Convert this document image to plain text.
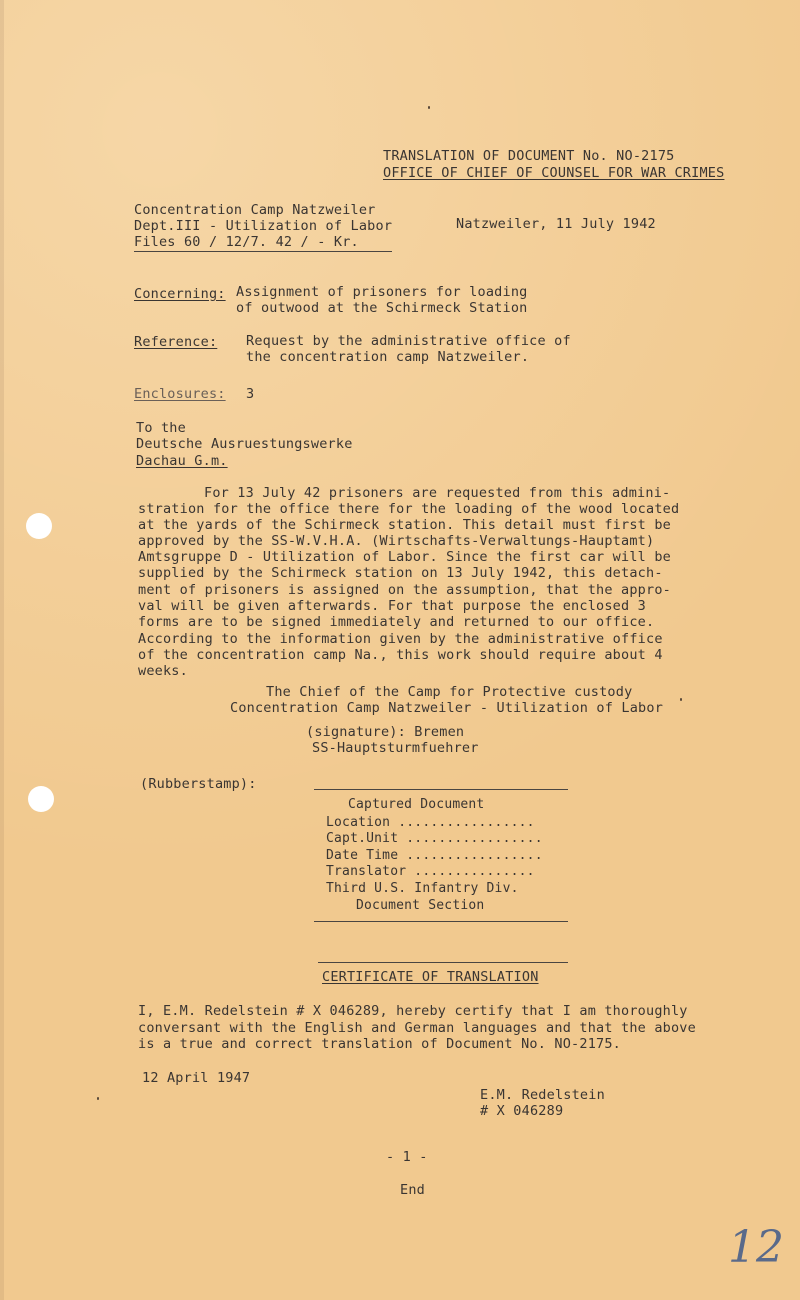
TRANSLATION OF DOCUMENT No. NO-2175
OFFICE OF CHIEF OF COUNSEL FOR WAR CRIMES
Concentration Camp Natzweiler
Dept.III - Utilization of Labor
Files 60 / 12/7. 42 / - Kr.
Natzweiler, 11 July 1942
Concerning: Assignment of prisoners for loading
of outwood at the Schirmeck Station
Reference: Request by the administrative office of
the concentration camp Natzweiler.
Enclosures: 3
To the
Deutsche Ausruestungswerke
Dachau G.m.
For 13 July 42 prisoners are requested from this admini-
stration for the office there for the loading of the wood located
at the yards of the Schirmeck station. This detail must first be
approved by the SS-W.V.H.A. (Wirtschafts-Verwaltungs-Hauptamt)
Amtsgruppe D - Utilization of Labor. Since the first car will be
supplied by the Schirmeck station on 13 July 1942, this detach-
ment of prisoners is assigned on the assumption, that the appro-
val will be given afterwards. For that purpose the enclosed 3
forms are to be signed immediately and returned to our office.
According to the information given by the administrative office
of the concentration camp Na., this work should require about 4
weeks.
The Chief of the Camp for Protective custody
Concentration Camp Natzweiler - Utilization of Labor
(signature): Bremen
SS-Hauptsturmfuehrer
(Rubberstamp):
Captured Document
Location .................
Capt.Unit .................
Date Time .................
Translator ...............
Third U.S. Infantry Div.
Document Section
CERTIFICATE OF TRANSLATION
I, E.M. Redelstein # X 046289, hereby certify that I am thoroughly
conversant with the English and German languages and that the above
is a true and correct translation of Document No. NO-2175.
12 April 1947
E.M. Redelstein
# X 046289
- 1 -
End
12
